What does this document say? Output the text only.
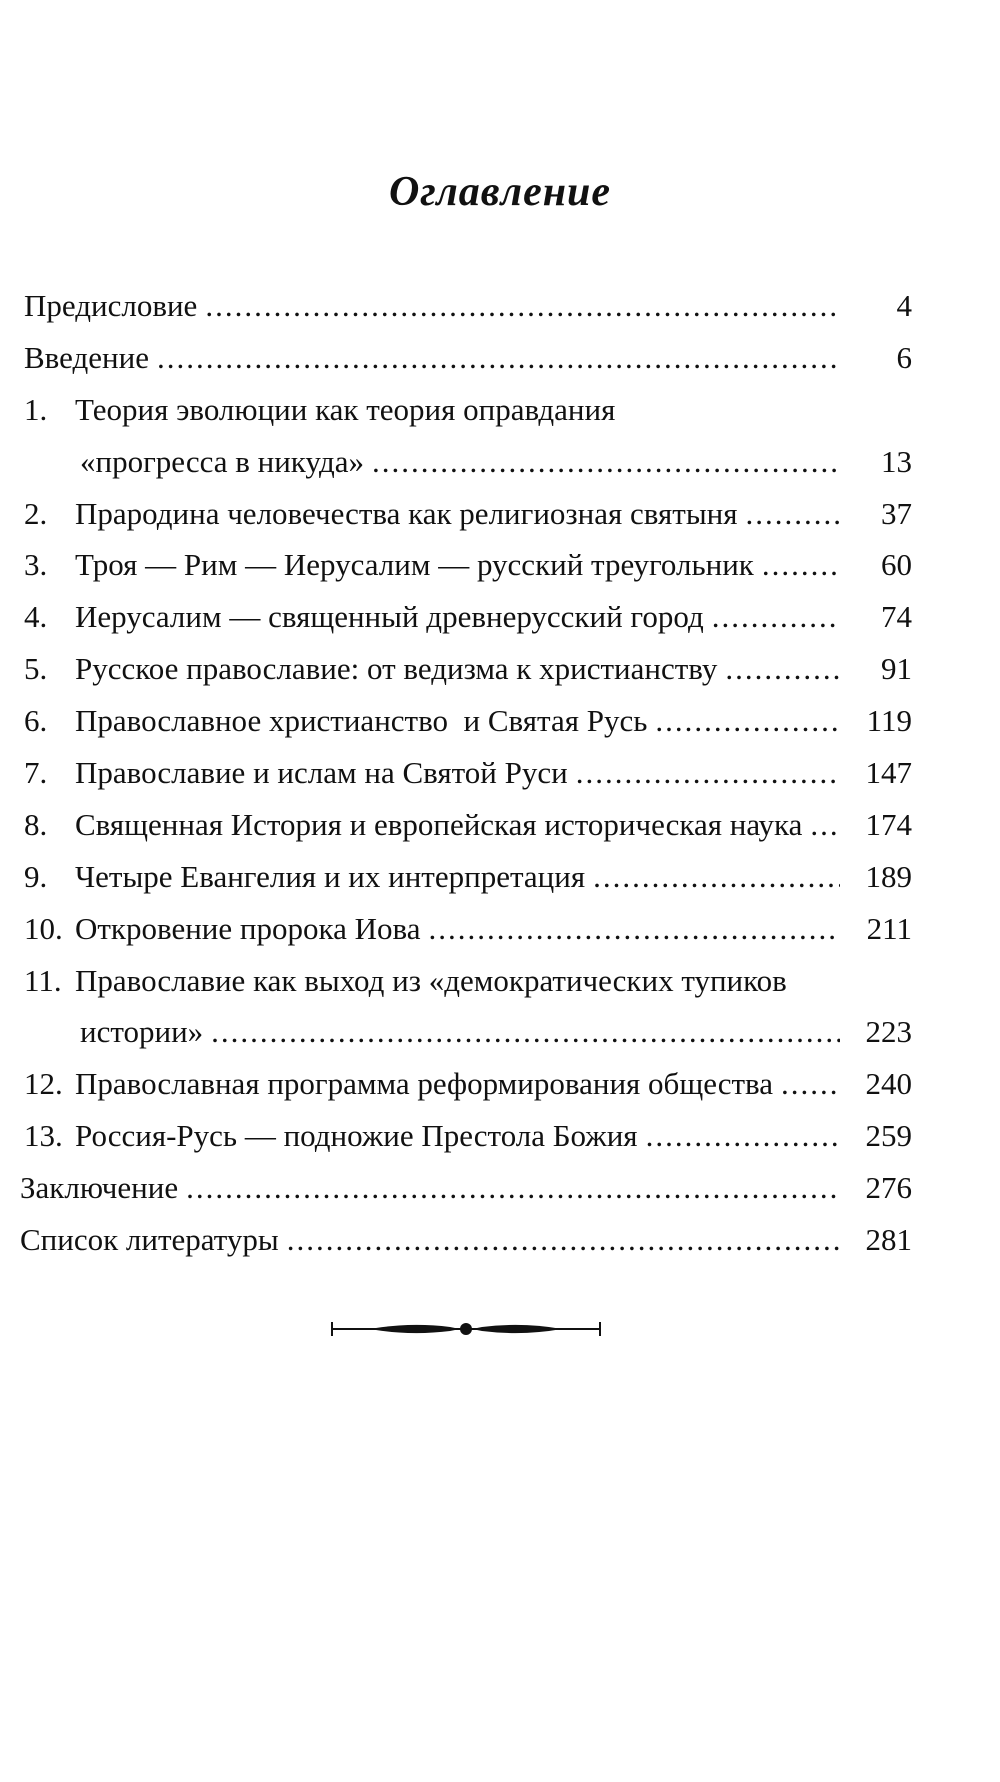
Оглавление
Предисловие .....	4
Введение .....	6
1. Теория эволюции как теория оправдания
«прогресса в никуда» .....	13
2. Прародина человечества как религиозная святыня .....	37
3. Троя — Рим — Иерусалим — русский треугольник .....	60
4. Иерусалим — священный древнерусский город .....	74
5. Русское православие: от ведизма к христианству .....	91
6. Православное христианство  и Святая Русь .....	119
7. Православие и ислам на Святой Руси .....	147
8. Священная История и европейская историческая наука ..... 174
9. Четыре Евангелия и их интерпретация .....	189
10. Откровение пророка Иова .....	211
11. Православие как выход из «демократических тупиков
истории» .....	223
12. Православная программа реформирования общества .....	240
13. Россия-Русь — подножие Престола Божия .....	259
Заключение .....	276
Список литературы .....	281
